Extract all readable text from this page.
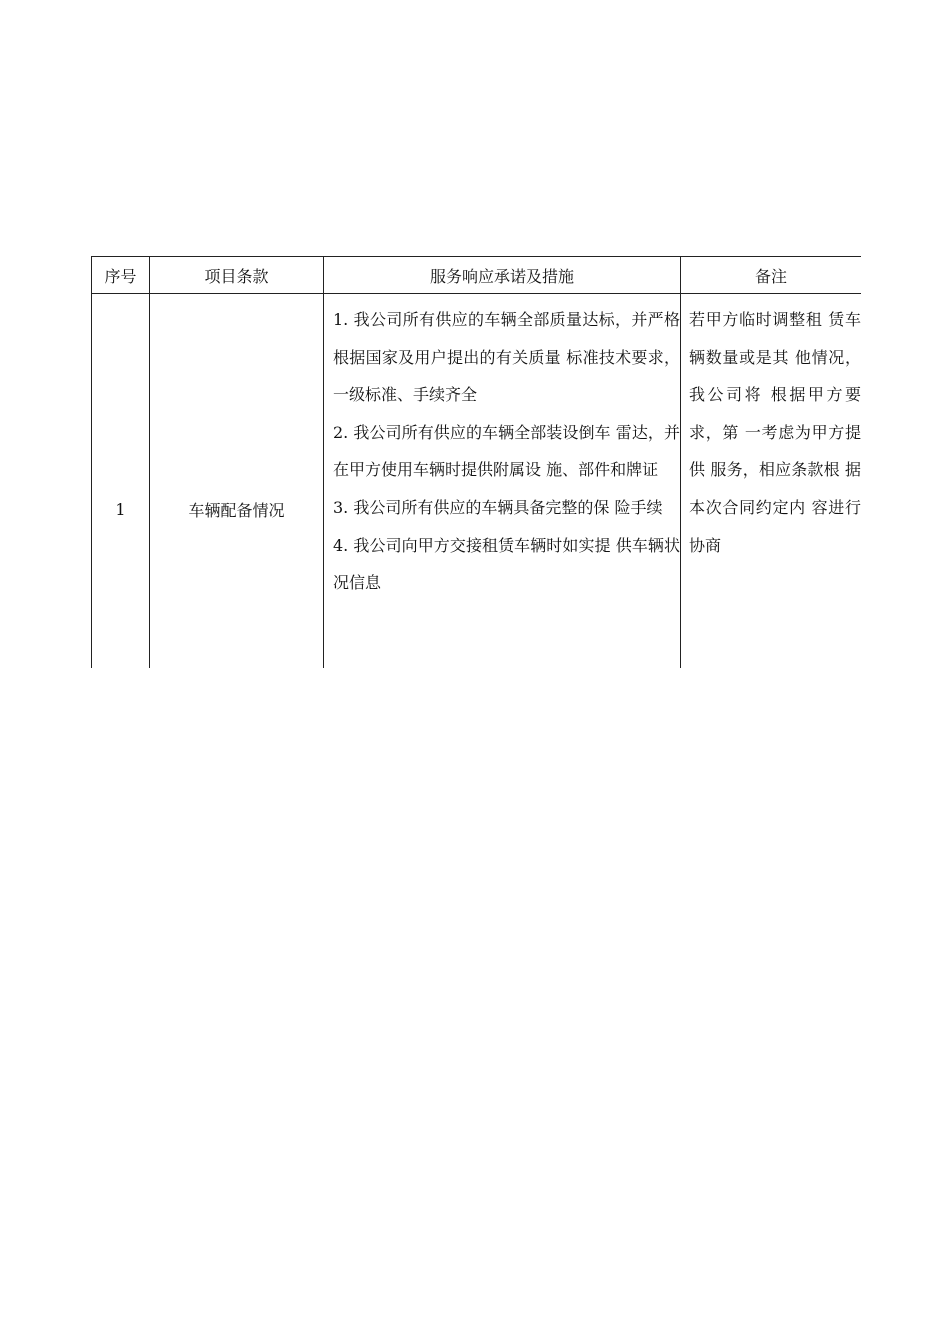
序号	项目条款	服务响应承诺及措施	备注
1	车辆配备情况	1. 我公司所有供应的车辆全部质量达标，并严格根据国家及用户提出的有关质量 标准技术要求，一级标准、手续齐全
2. 我公司所有供应的车辆全部装设倒车 雷达，并在甲方使用车辆时提供附属设 施、部件和牌证
3. 我公司所有供应的车辆具备完整的保 险手续
4. 我公司向甲方交接租赁车辆时如实提 供车辆状况信息	若甲方临时调整租 赁车辆数量或是其 他情况，我公司将 根据甲方要求，第 一考虑为甲方提供 服务，相应条款根 据本次合同约定内 容进行协商
